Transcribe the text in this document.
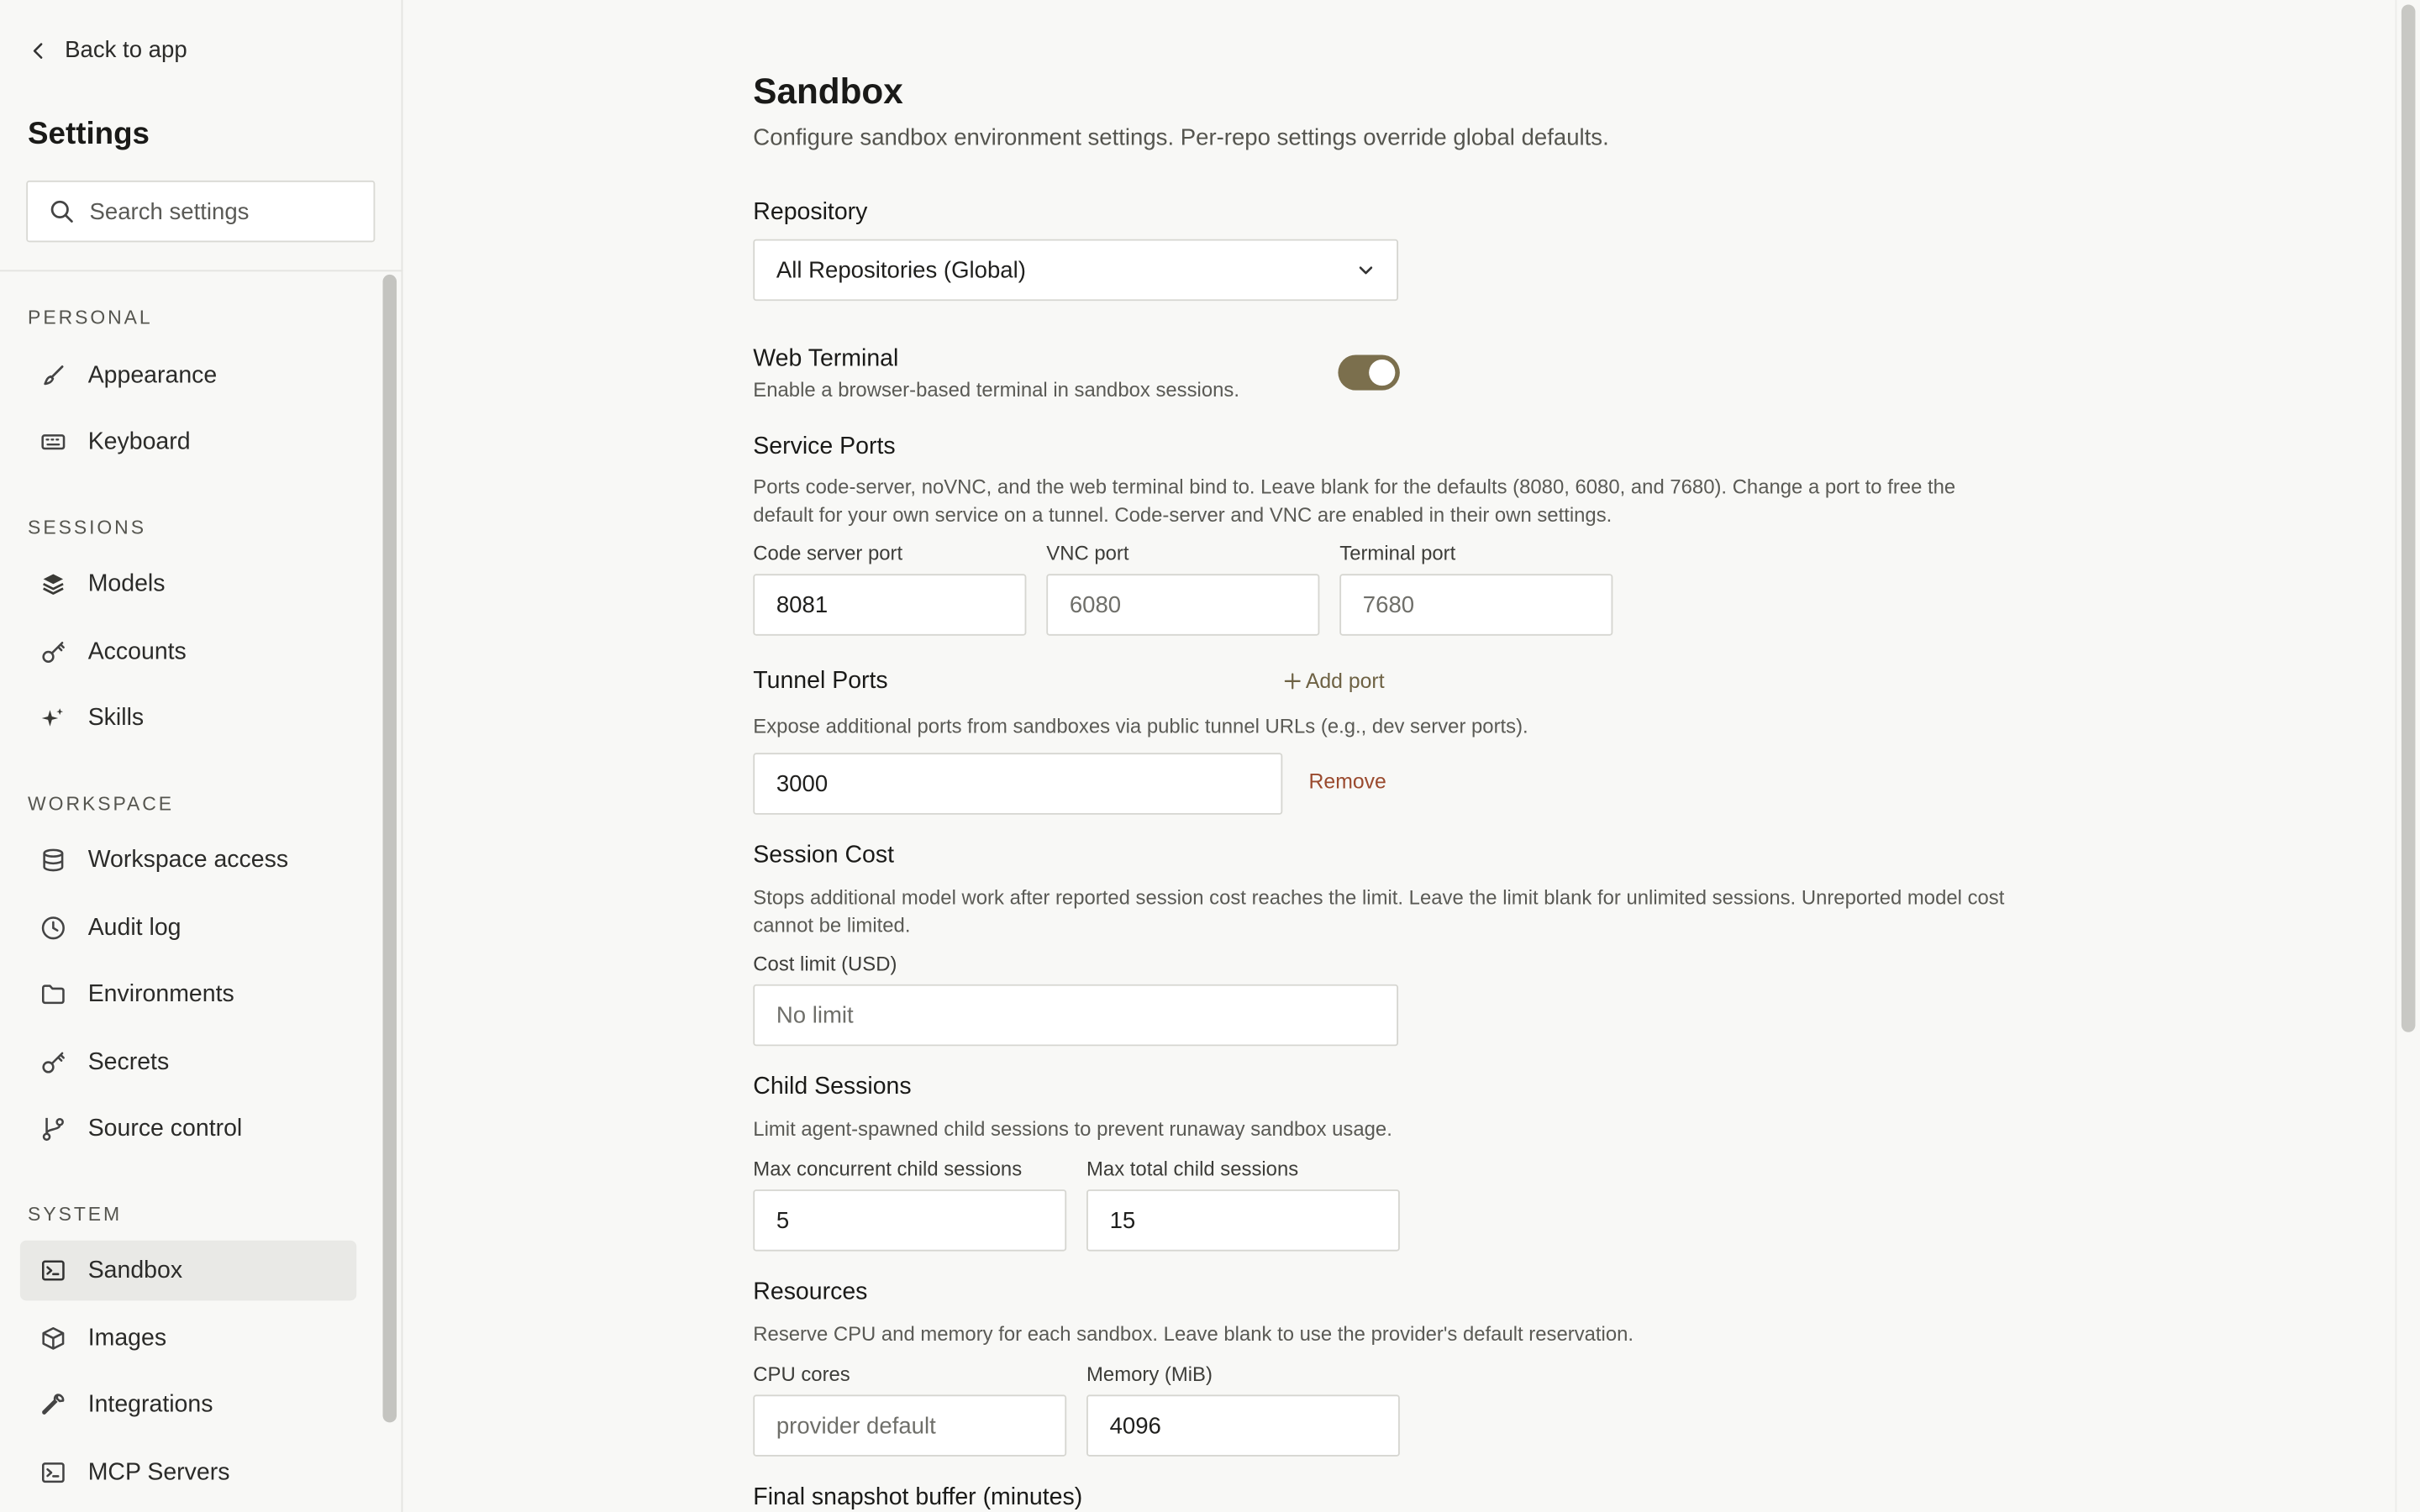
Back to app
Settings
Search settings
PERSONAL
Appearance
Keyboard
SESSIONS
Models
Accounts
Skills
WORKSPACE
Workspace access
Audit log
Environments
Secrets
Source control
SYSTEM
Sandbox
Images
Integrations
MCP Servers
Sandbox
Configure sandbox environment settings. Per-repo settings override global defaults.
Repository
All Repositories (Global)
Web Terminal
Enable a browser-based terminal in sandbox sessions.
Service Ports
Ports code-server, noVNC, and the web terminal bind to. Leave blank for the defaults (8080, 6080, and 7680). Change a port to free the default for your own service on a tunnel. Code-server and VNC are enabled in their own settings.
Code server port
8081
VNC port
6080
Terminal port
7680
Tunnel Ports	Add port
Expose additional ports from sandboxes via public tunnel URLs (e.g., dev server ports).
3000	Remove
Session Cost
Stops additional model work after reported session cost reaches the limit. Leave the limit blank for unlimited sessions. Unreported model cost cannot be limited.
Cost limit (USD)
No limit
Child Sessions
Limit agent-spawned child sessions to prevent runaway sandbox usage.
Max concurrent child sessions
5
Max total child sessions
15
Resources
Reserve CPU and memory for each sandbox. Leave blank to use the provider's default reservation.
CPU cores
provider default
Memory (MiB)
4096
Final snapshot buffer (minutes)
